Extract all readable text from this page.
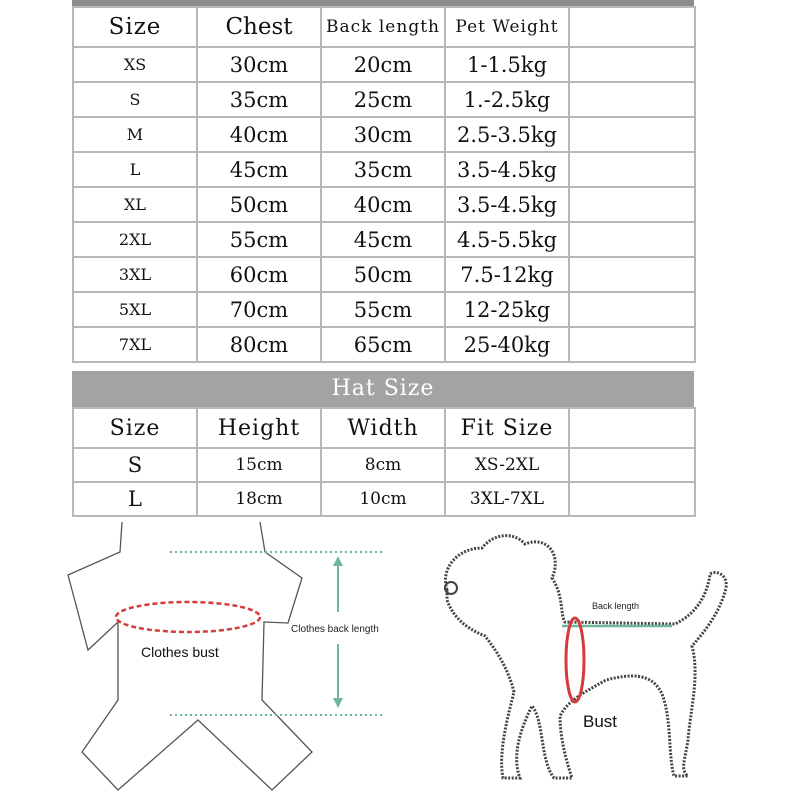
Size	Chest	Back length	Pet Weight	
XS	30cm	20cm	1-1.5kg	
S	35cm	25cm	1.-2.5kg	
M	40cm	30cm	2.5-3.5kg	
L	45cm	35cm	3.5-4.5kg	
XL	50cm	40cm	3.5-4.5kg	
2XL	55cm	45cm	4.5-5.5kg	
3XL	60cm	50cm	7.5-12kg	
5XL	70cm	55cm	12-25kg	
7XL	80cm	65cm	25-40kg	
Hat Size
Size	Height	Width	Fit Size	
S	15cm	8cm	XS-2XL	
L	18cm	10cm	3XL-7XL	
Clothes bust
Clothes back length
Back length
Bust
